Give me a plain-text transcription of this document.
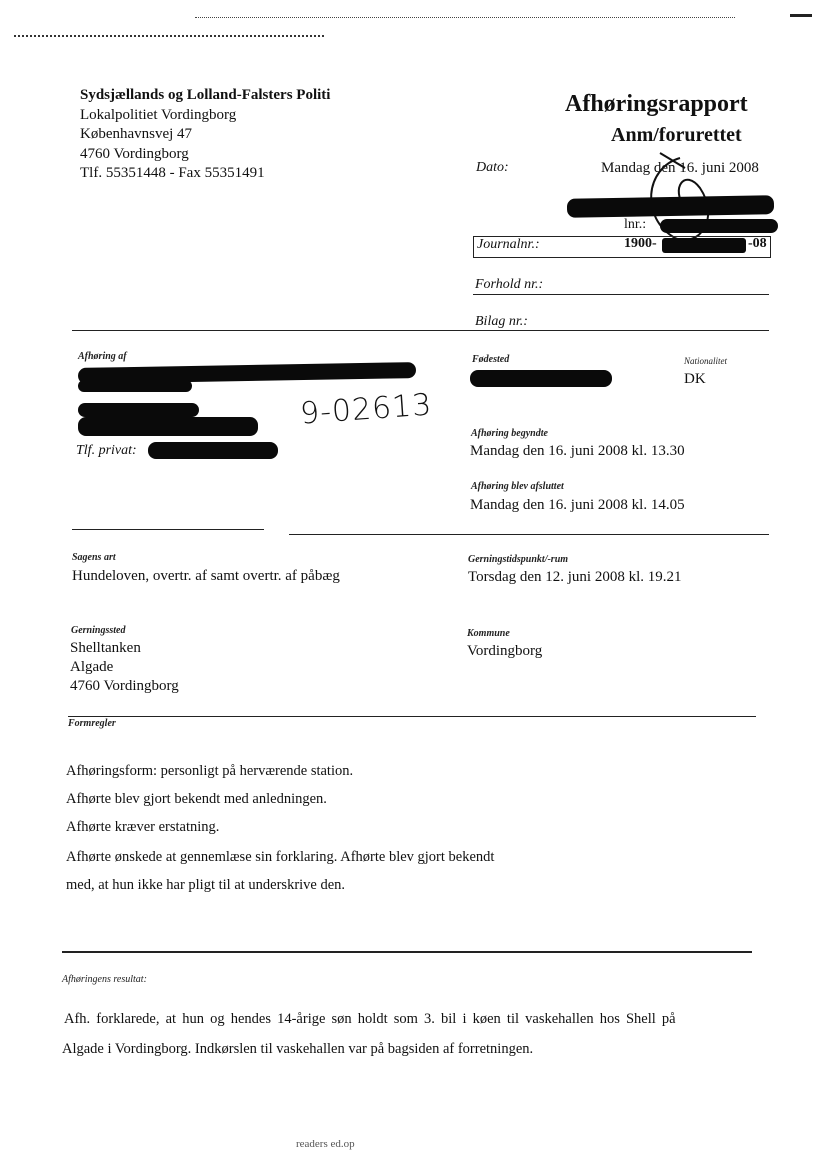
Sydsjællands og Lolland-Falsters Politi
Lokalpolitiet Vordingborg
Københavnsvej 47
4760 Vordingborg
Tlf. 55351448 - Fax 55351491
Afhøringsrapport
Anm/forurettet
Dato:	Mandag den 16. juni 2008
lnr.:
Journalnr.:	1900-	-08
Forhold nr.:
Bilag nr.:
Afhøring af
Tlf. privat:
9-02613
Fødested	Nationalitet
DK
Afhøring begyndte
Mandag den 16. juni 2008 kl. 13.30
Afhøring blev afsluttet
Mandag den 16. juni 2008 kl. 14.05
Sagens art
Hundeloven, overtr. af samt overtr. af påbæg
Gerningstidspunkt/-rum
Torsdag den 12. juni 2008 kl. 19.21
Gerningssted
Shelltanken
Algade
4760 Vordingborg
Kommune
Vordingborg
Formregler
Afhøringsform: personligt på herværende station.
Afhørte blev gjort bekendt med anledningen.
Afhørte kræver erstatning.
Afhørte ønskede at gennemlæse sin forklaring. Afhørte blev gjort bekendt
med, at hun ikke har pligt til at underskrive den.
Afhøringens resultat:
Afh. forklarede, at hun og hendes 14-årige søn holdt som 3. bil i køen til vaskehallen hos Shell på
Algade i Vordingborg. Indkørslen til vaskehallen var på bagsiden af forretningen.
readers ed.op
